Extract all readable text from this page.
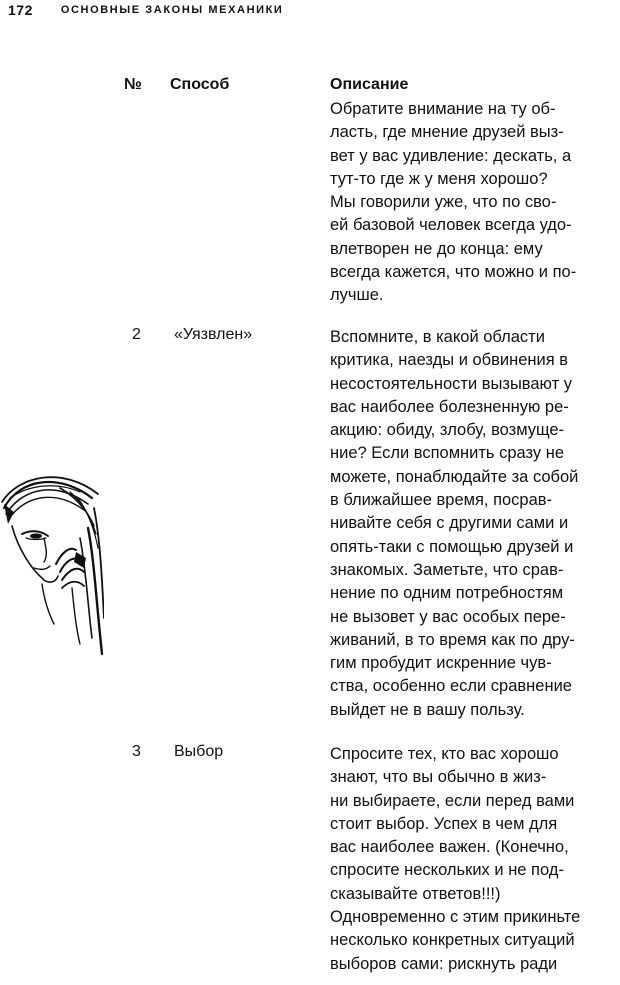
172	ОСНОВНЫЕ ЗАКОНЫ МЕХАНИКИ
№ Способ	Описание
Обратите внимание на ту об-
ласть, где мнение друзей выз-
вет у вас удивление: дескать, а
тут-то где ж у меня хорошо?
Мы говорили уже, что по сво-
ей базовой человек всегда удо-
влетворен не до конца: ему
всегда кажется, что можно и по-
лучше.
2 «Уязвлен»	Вспомните, в какой области
критика, наезды и обвинения в
несостоятельности вызывают у
вас наиболее болезненную ре-
акцию: обиду, злобу, возмуще-
ние? Если вспомнить сразу не
можете, понаблюдайте за собой
в ближайшее время, посрав-
нивайте себя с другими сами и
опять-таки с помощью друзей и
знакомых. Заметьте, что срав-
нение по одним потребностям
не вызовет у вас особых пере-
живаний, в то время как по дру-
гим пробудит искренние чув-
ства, особенно если сравнение
выйдет не в вашу пользу.
3 Выбор	Спросите тех, кто вас хорошо
знают, что вы обычно в жиз-
ни выбираете, если перед вами
стоит выбор. Успех в чем для
вас наиболее важен. (Конечно,
спросите нескольких и не под-
сказывайте ответов!!!)
Одновременно с этим прикиньте
несколько конкретных ситуаций
выборов сами: рискнуть ради
